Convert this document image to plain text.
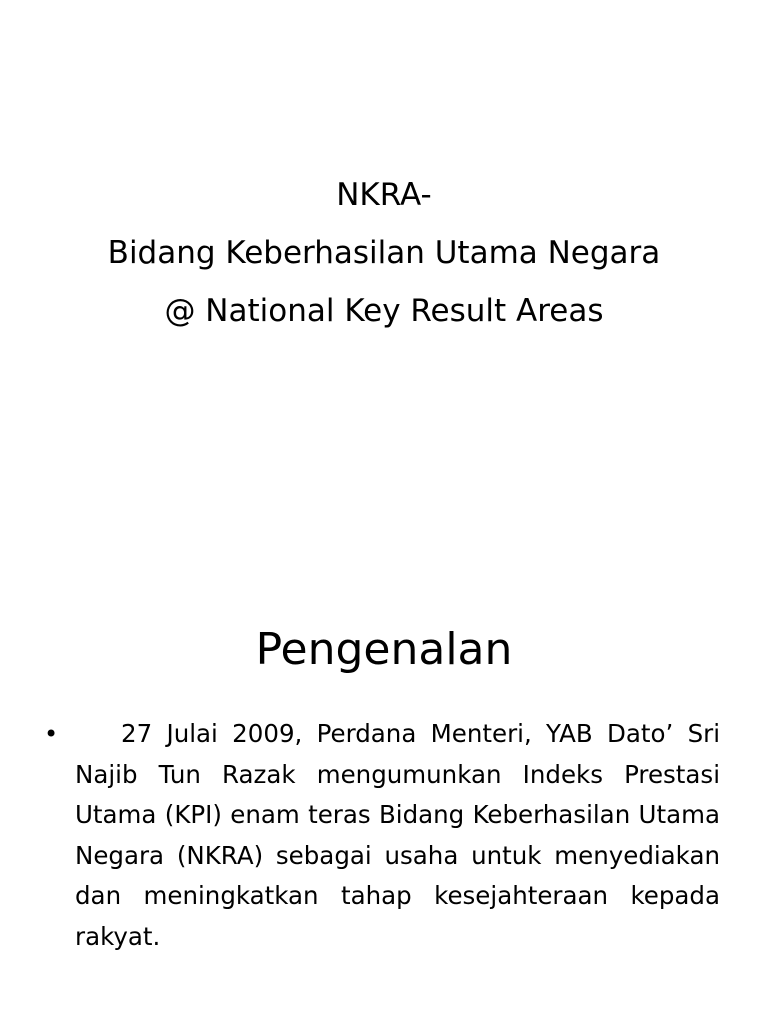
NKRA-
Bidang Keberhasilan Utama Negara
@ National Key Result Areas
Pengenalan
•	27 Julai 2009, Perdana Menteri, YAB Dato’ Sri Najib Tun Razak mengumunkan Indeks Prestasi Utama (KPI) enam teras Bidang Keberhasilan Utama Negara (NKRA) sebagai usaha untuk menyediakan dan meningkatkan tahap kesejahteraan kepada rakyat.
